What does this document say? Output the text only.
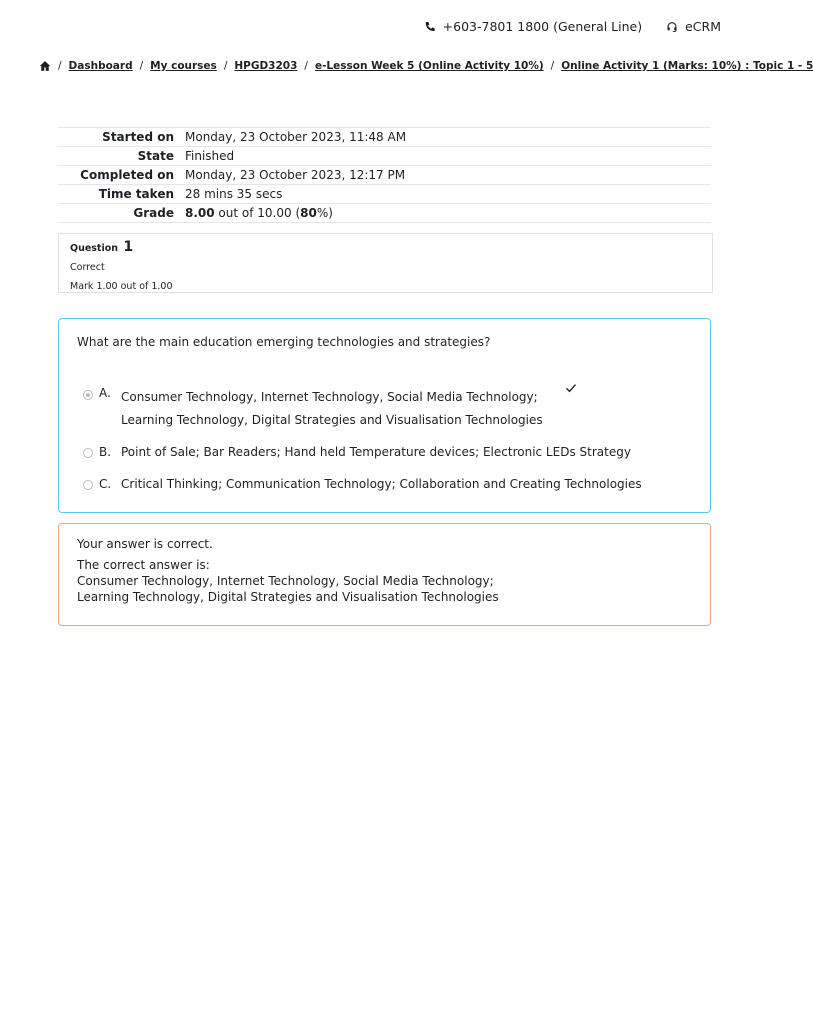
+603-7801 1800 (General Line)	eCRM
/ Dashboard / My courses / HPGD3203 / e-Lesson Week 5 (Online Activity 10%) / Online Activity 1 (Marks: 10%) : Topic 1 - 5
Started on	Monday, 23 October 2023, 11:48 AM
State	Finished
Completed on	Monday, 23 October 2023, 12:17 PM
Time taken	28 mins 35 secs
Grade	8.00 out of 10.00 (80%)
Question 1
Correct
Mark 1.00 out of 1.00
What are the main education emerging technologies and strategies?
A. Consumer Technology, Internet Technology, Social Media Technology; Learning Technology, Digital Strategies and Visualisation Technologies
B. Point of Sale; Bar Readers; Hand held Temperature devices; Electronic LEDs Strategy
C. Critical Thinking; Communication Technology; Collaboration and Creating Technologies
Your answer is correct.
The correct answer is:
Consumer Technology, Internet Technology, Social Media Technology; Learning Technology, Digital Strategies and Visualisation Technologies
